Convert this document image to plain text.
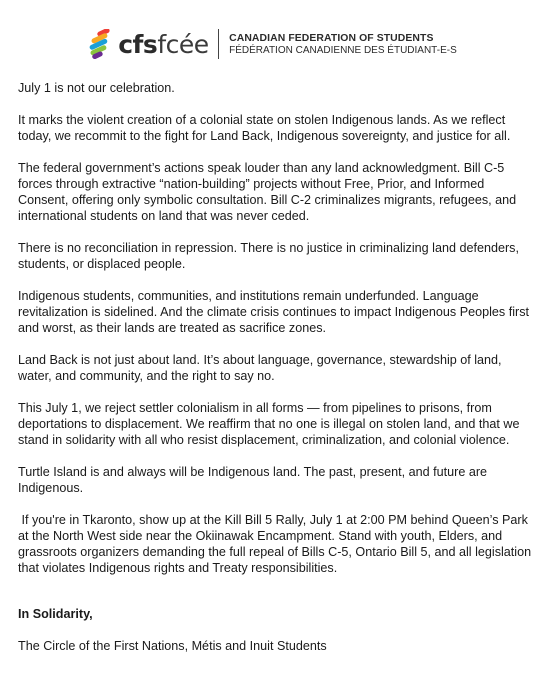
cfsfcée CANADIAN FEDERATION OF STUDENTS
FÉDÉRATION CANADIENNE DES ÉTUDIANT-E-S

July 1 is not our celebration.

It marks the violent creation of a colonial state on stolen Indigenous lands. As we reflect today, we recommit to the fight for Land Back, Indigenous sovereignty, and justice for all.

The federal government’s actions speak louder than any land acknowledgment. Bill C-5 forces through extractive “nation-building” projects without Free, Prior, and Informed Consent, offering only symbolic consultation. Bill C-2 criminalizes migrants, refugees, and international students on land that was never ceded.

There is no reconciliation in repression. There is no justice in criminalizing land defenders, students, or displaced people.

Indigenous students, communities, and institutions remain underfunded. Language revitalization is sidelined. And the climate crisis continues to impact Indigenous Peoples first and worst, as their lands are treated as sacrifice zones.

Land Back is not just about land. It’s about language, governance, stewardship of land, water, and community, and the right to say no.

This July 1, we reject settler colonialism in all forms — from pipelines to prisons, from deportations to displacement. We reaffirm that no one is illegal on stolen land, and that we stand in solidarity with all who resist displacement, criminalization, and colonial violence.

Turtle Island is and always will be Indigenous land. The past, present, and future are Indigenous.

If you're in Tkaronto, show up at the Kill Bill 5 Rally, July 1 at 2:00 PM behind Queen’s Park at the North West side near the Okiinawak Encampment. Stand with youth, Elders, and grassroots organizers demanding the full repeal of Bills C-5, Ontario Bill 5, and all legislation that violates Indigenous rights and Treaty responsibilities.

In Solidarity,

The Circle of the First Nations, Métis and Inuit Students
